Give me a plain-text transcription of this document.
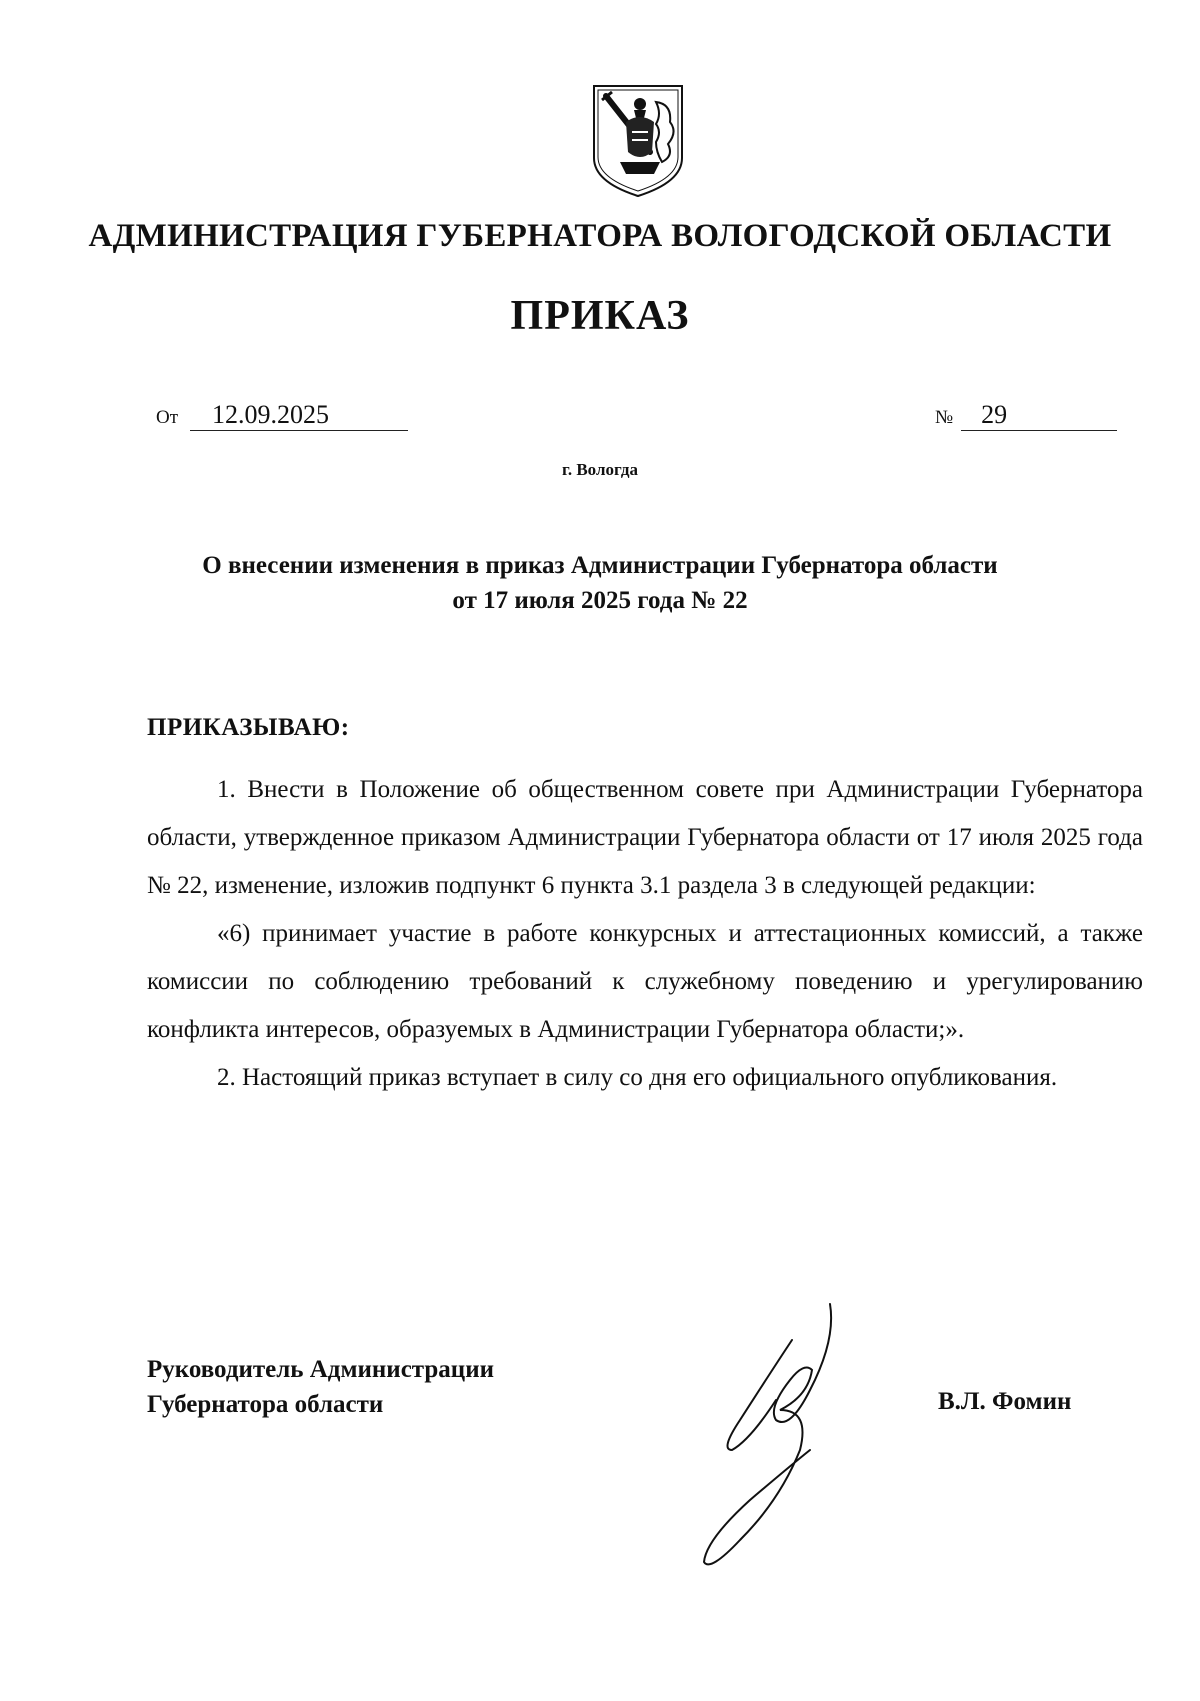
АДМИНИСТРАЦИЯ ГУБЕРНАТОРА ВОЛОГОДСКОЙ ОБЛАСТИ
ПРИКАЗ
От 12.09.2025	№ 29
г. Вологда
О внесении изменения в приказ Администрации Губернатора области
от 17 июля 2025 года № 22
ПРИКАЗЫВАЮ:

1. Внести в Положение об общественном совете при Администрации Губернатора области, утвержденное приказом Администрации Губернатора области от 17 июля 2025 года № 22, изменение, изложив подпункт 6 пункта 3.1 раздела 3 в следующей редакции:

«6) принимает участие в работе конкурсных и аттестационных комиссий, а также комиссии по соблюдению требований к служебному поведению и урегулированию конфликта интересов, образуемых в Администрации Губернатора области;».

2. Настоящий приказ вступает в силу со дня его официального опубликования.

Руководитель Администрации
Губернатора области	В.Л. Фомин
